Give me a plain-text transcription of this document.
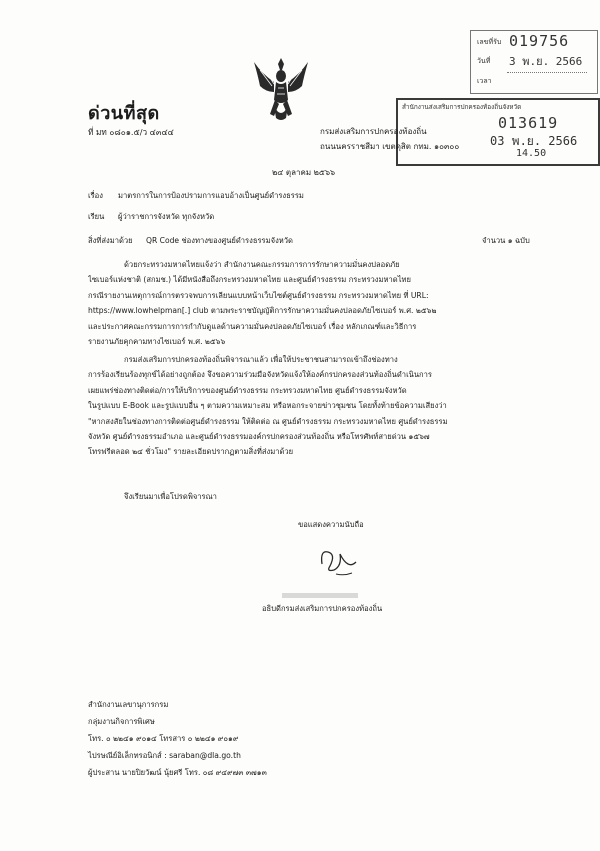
เลขที่รับ 019756
วันที่ 3 พ.ย. 2566
เวลา
สำนักงานส่งเสริมการปกครองท้องถิ่นจังหวัด
013619
03 พ.ย. 2566
14.50
ด่วนที่สุด
ที่ มท ๐๘๐๑.๕/ว ๔๓๔๔	กรมส่งเสริมการปกครองท้องถิ่น
ถนนนครราชสีมา เขตดุสิต กทม. ๑๐๓๐๐
๒๔ ตุลาคม ๒๕๖๖
เรื่อง มาตรการในการป้องปรามการแอบอ้างเป็นศูนย์ดำรงธรรม
เรียน ผู้ว่าราชการจังหวัด ทุกจังหวัด
สิ่งที่ส่งมาด้วย QR Code ช่องทางของศูนย์ดำรงธรรมจังหวัด	จำนวน ๑ ฉบับ
ด้วยกระทรวงมหาดไทยแจ้งว่า สำนักงานคณะกรรมการการรักษาความมั่นคงปลอดภัย
ไซเบอร์แห่งชาติ (สกมช.) ได้มีหนังสือถึงกระทรวงมหาดไทย และศูนย์ดำรงธรรม กระทรวงมหาดไทย
กรณีรายงานเหตุการณ์การตรวจพบการเลียนแบบหน้าเว็บไซต์ศูนย์ดำรงธรรม กระทรวงมหาดไทย ที่ URL:
https://www.lowhelpman[.] club ตามพระราชบัญญัติการรักษาความมั่นคงปลอดภัยไซเบอร์ พ.ศ. ๒๕๖๒
และประกาศคณะกรรมการการกำกับดูแลด้านความมั่นคงปลอดภัยไซเบอร์ เรื่อง หลักเกณฑ์และวิธีการ
รายงานภัยคุกคามทางไซเบอร์ พ.ศ. ๒๕๖๖
กรมส่งเสริมการปกครองท้องถิ่นพิจารณาแล้ว เพื่อให้ประชาชนสามารถเข้าถึงช่องทาง
การร้องเรียนร้องทุกข์ได้อย่างถูกต้อง จึงขอความร่วมมือจังหวัดแจ้งให้องค์กรปกครองส่วนท้องถิ่นดำเนินการ
เผยแพร่ช่องทางติดต่อ/การให้บริการของศูนย์ดำรงธรรม กระทรวงมหาดไทย ศูนย์ดำรงธรรมจังหวัด
ในรูปแบบ E-Book และรูปแบบอื่น ๆ ตามความเหมาะสม หรือหอกระจายข่าวชุมชน โดยทั้งท้ายข้อความเสียงว่า
"หากสงสัยในช่องทางการติดต่อศูนย์ดำรงธรรม ให้ติดต่อ ณ ศูนย์ดำรงธรรม กระทรวงมหาดไทย ศูนย์ดำรงธรรม
จังหวัด ศูนย์ดำรงธรรมอำเภอ และศูนย์ดำรงธรรมองค์กรปกครองส่วนท้องถิ่น หรือโทรศัพท์สายด่วน ๑๕๖๗
โทรฟรีตลอด ๒๔ ชั่วโมง" รายละเอียดปรากฏตามสิ่งที่ส่งมาด้วย
จึงเรียนมาเพื่อโปรดพิจารณา
ขอแสดงความนับถือ
อธิบดีกรมส่งเสริมการปกครองท้องถิ่น
สำนักงานเลขานุการกรม
กลุ่มงานกิจการพิเศษ
โทร. ๐ ๒๒๔๑ ๙๐๑๔ โทรสาร ๐ ๒๒๔๑ ๙๐๑๙
ไปรษณีย์อิเล็กทรอนิกส์ : saraban@dla.go.th
ผู้ประสาน นายปิยวัฒน์ นุ้ยศรี โทร. ๐๘ ๙๔๙๗๓ ๓๗๑๓
